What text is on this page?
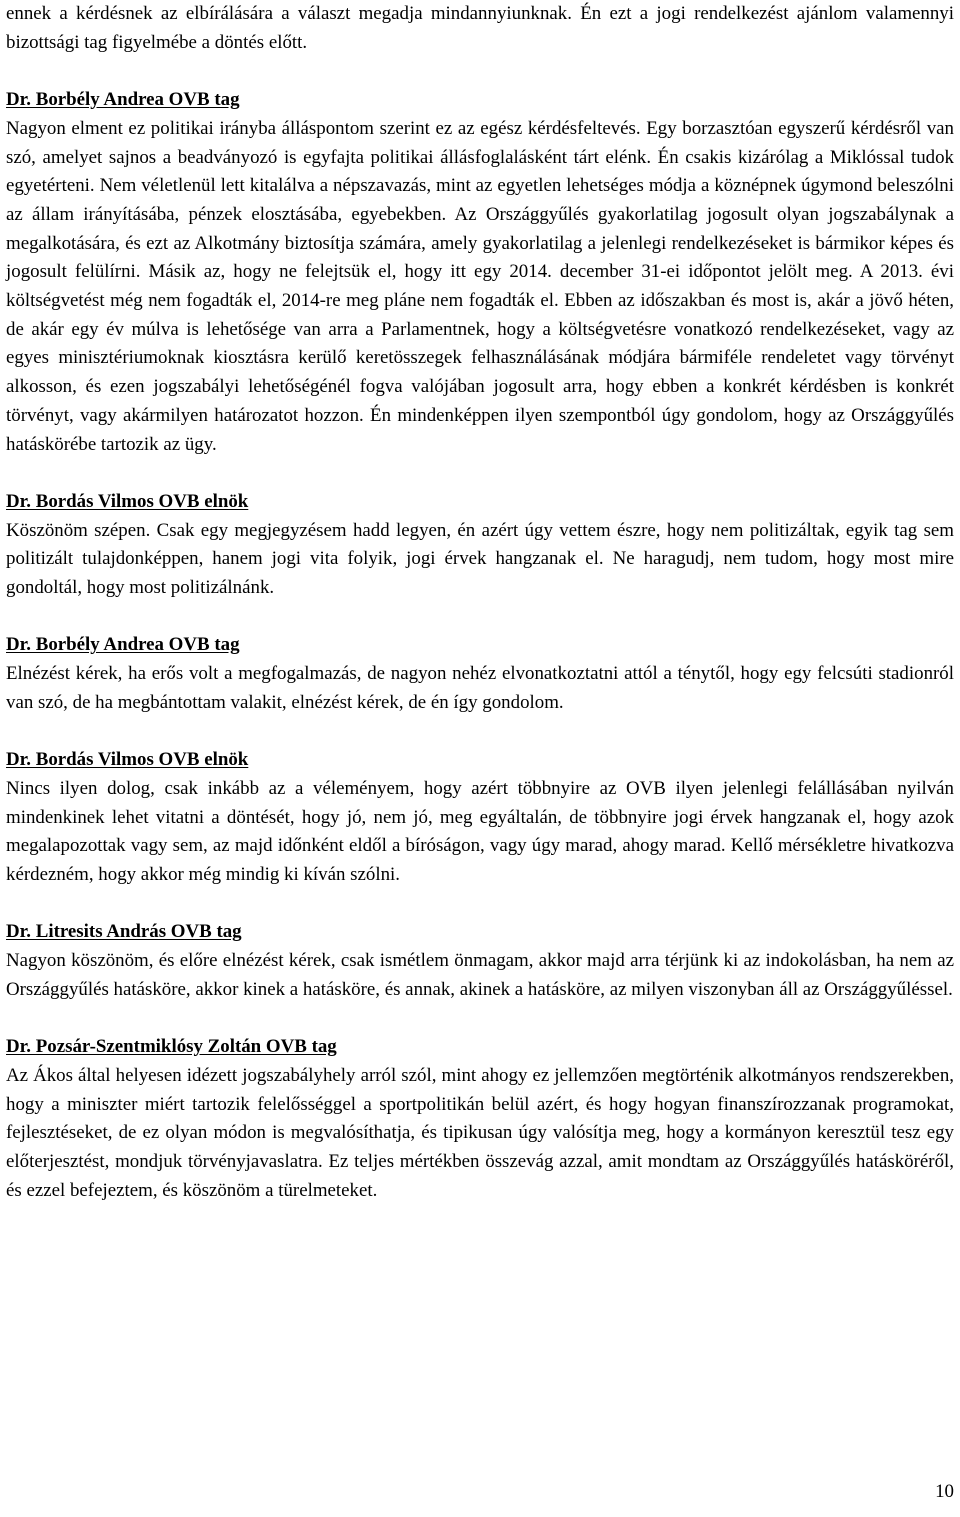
ennek a kérdésnek az elbírálására a választ megadja mindannyiunknak. Én ezt a jogi rendelkezést ajánlom valamennyi bizottsági tag figyelmébe a döntés előtt.

Dr. Borbély Andrea OVB tag

Nagyon elment ez politikai irányba álláspontom szerint ez az egész kérdésfeltevés. Egy borzasztóan egyszerű kérdésről van szó, amelyet sajnos a beadványozó is egyfajta politikai állásfoglalásként tárt elénk. Én csakis kizárólag a Miklóssal tudok egyetérteni. Nem véletlenül lett kitalálva a népszavazás, mint az egyetlen lehetséges módja a köznépnek úgymond beleszólni az állam irányításába, pénzek elosztásába, egyebekben. Az Országgyűlés gyakorlatilag jogosult olyan jogszabálynak a megalkotására, és ezt az Alkotmány biztosítja számára, amely gyakorlatilag a jelenlegi rendelkezéseket is bármikor képes és jogosult felülírni. Másik az, hogy ne felejtsük el, hogy itt egy 2014. december 31-ei időpontot jelölt meg. A 2013. évi költségvetést még nem fogadták el, 2014-re meg pláne nem fogadták el. Ebben az időszakban és most is, akár a jövő héten, de akár egy év múlva is lehetősége van arra a Parlamentnek, hogy a költségvetésre vonatkozó rendelkezéseket, vagy az egyes minisztériumoknak kiosztásra kerülő keretösszegek felhasználásának módjára bármiféle rendeletet vagy törvényt alkosson, és ezen jogszabályi lehetőségénél fogva valójában jogosult arra, hogy ebben a konkrét kérdésben is konkrét törvényt, vagy akármilyen határozatot hozzon. Én mindenképpen ilyen szempontból úgy gondolom, hogy az Országgyűlés hatáskörébe tartozik az ügy.

Dr. Bordás Vilmos OVB elnök

Köszönöm szépen. Csak egy megjegyzésem hadd legyen, én azért úgy vettem észre, hogy nem politizáltak, egyik tag sem politizált tulajdonképpen, hanem jogi vita folyik, jogi érvek hangzanak el. Ne haragudj, nem tudom, hogy most mire gondoltál, hogy most politizálnánk.

Dr. Borbély Andrea OVB tag

Elnézést kérek, ha erős volt a megfogalmazás, de nagyon nehéz elvonatkoztatni attól a ténytől, hogy egy felcsúti stadionról van szó, de ha megbántottam valakit, elnézést kérek, de én így gondolom.

Dr. Bordás Vilmos OVB elnök

Nincs ilyen dolog, csak inkább az a véleményem, hogy azért többnyire az OVB ilyen jelenlegi felállásában nyilván mindenkinek lehet vitatni a döntését, hogy jó, nem jó, meg egyáltalán, de többnyire jogi érvek hangzanak el, hogy azok megalapozottak vagy sem, az majd időnként eldől a bíróságon, vagy úgy marad, ahogy marad. Kellő mérsékletre hivatkozva kérdezném, hogy akkor még mindig ki kíván szólni.

Dr. Litresits András OVB tag

Nagyon köszönöm, és előre elnézést kérek, csak ismétlem önmagam, akkor majd arra térjünk ki az indokolásban, ha nem az Országgyűlés hatásköre, akkor kinek a hatásköre, és annak, akinek a hatásköre, az milyen viszonyban áll az Országgyűléssel.

Dr. Pozsár-Szentmiklósy Zoltán OVB tag

Az Ákos által helyesen idézett jogszabályhely arról szól, mint ahogy ez jellemzően megtörténik alkotmányos rendszerekben, hogy a miniszter miért tartozik felelősséggel a sportpolitikán belül azért, és hogy hogyan finanszírozzanak programokat, fejlesztéseket, de ez olyan módon is megvalósíthatja, és tipikusan úgy valósítja meg, hogy a kormányon keresztül tesz egy előterjesztést, mondjuk törvényjavaslatra. Ez teljes mértékben összevág azzal, amit mondtam az Országgyűlés hatásköréről, és ezzel befejeztem, és köszönöm a türelmeteket.

10
